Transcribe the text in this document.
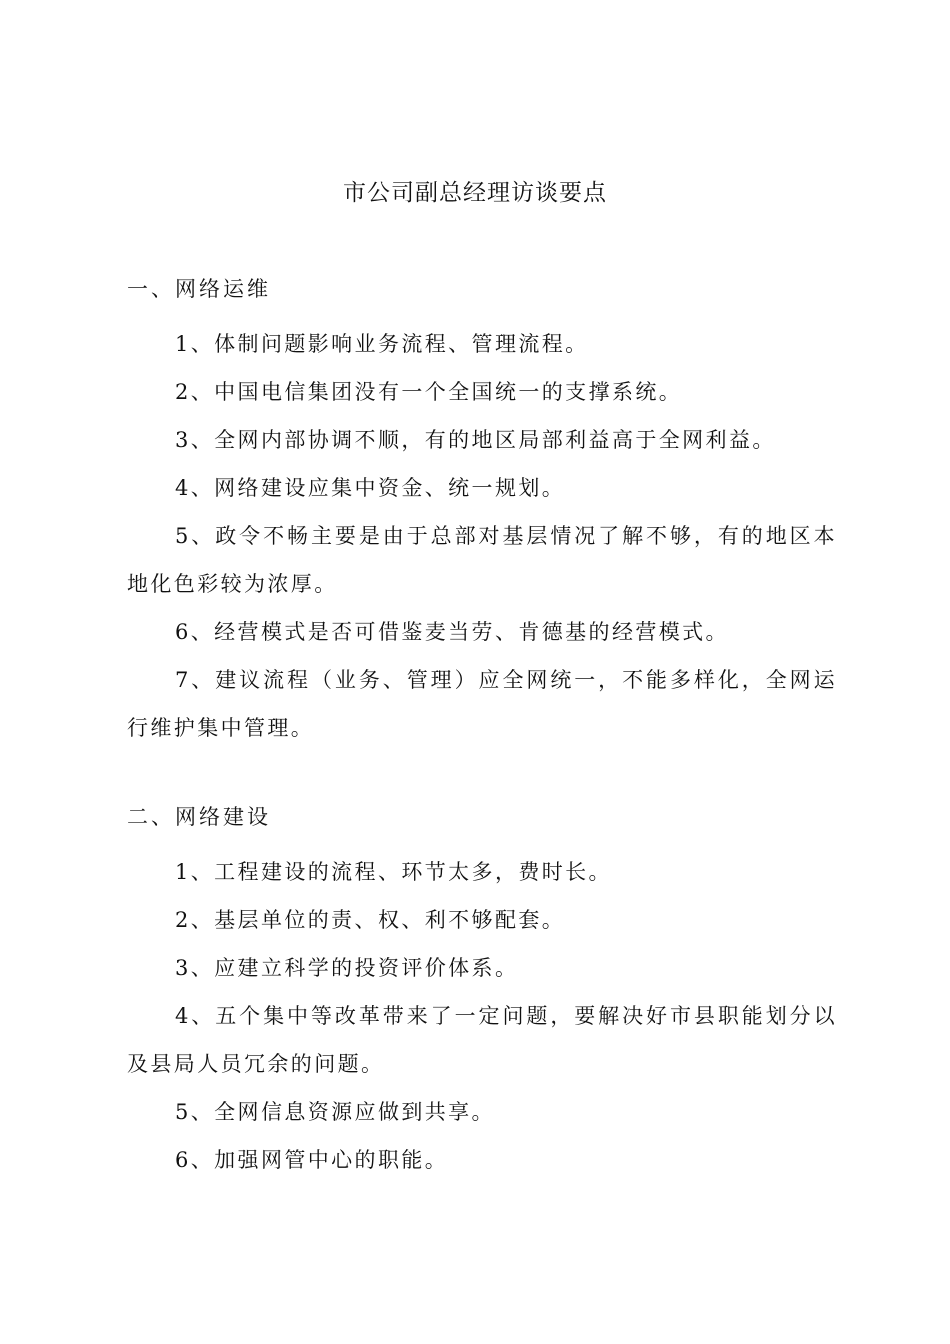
市公司副总经理访谈要点
一、网络运维

1、体制问题影响业务流程、管理流程。

2、中国电信集团没有一个全国统一的支撑系统。

3、全网内部协调不顺，有的地区局部利益高于全网利益。

4、网络建设应集中资金、统一规划。

5、政令不畅主要是由于总部对基层情况了解不够，有的地区本地化色彩较为浓厚。

6、经营模式是否可借鉴麦当劳、肯德基的经营模式。

7、建议流程（业务、管理）应全网统一，不能多样化，全网运行维护集中管理。

二、网络建设

1、工程建设的流程、环节太多，费时长。

2、基层单位的责、权、利不够配套。

3、应建立科学的投资评价体系。

4、五个集中等改革带来了一定问题，要解决好市县职能划分以及县局人员冗余的问题。

5、全网信息资源应做到共享。

6、加强网管中心的职能。
